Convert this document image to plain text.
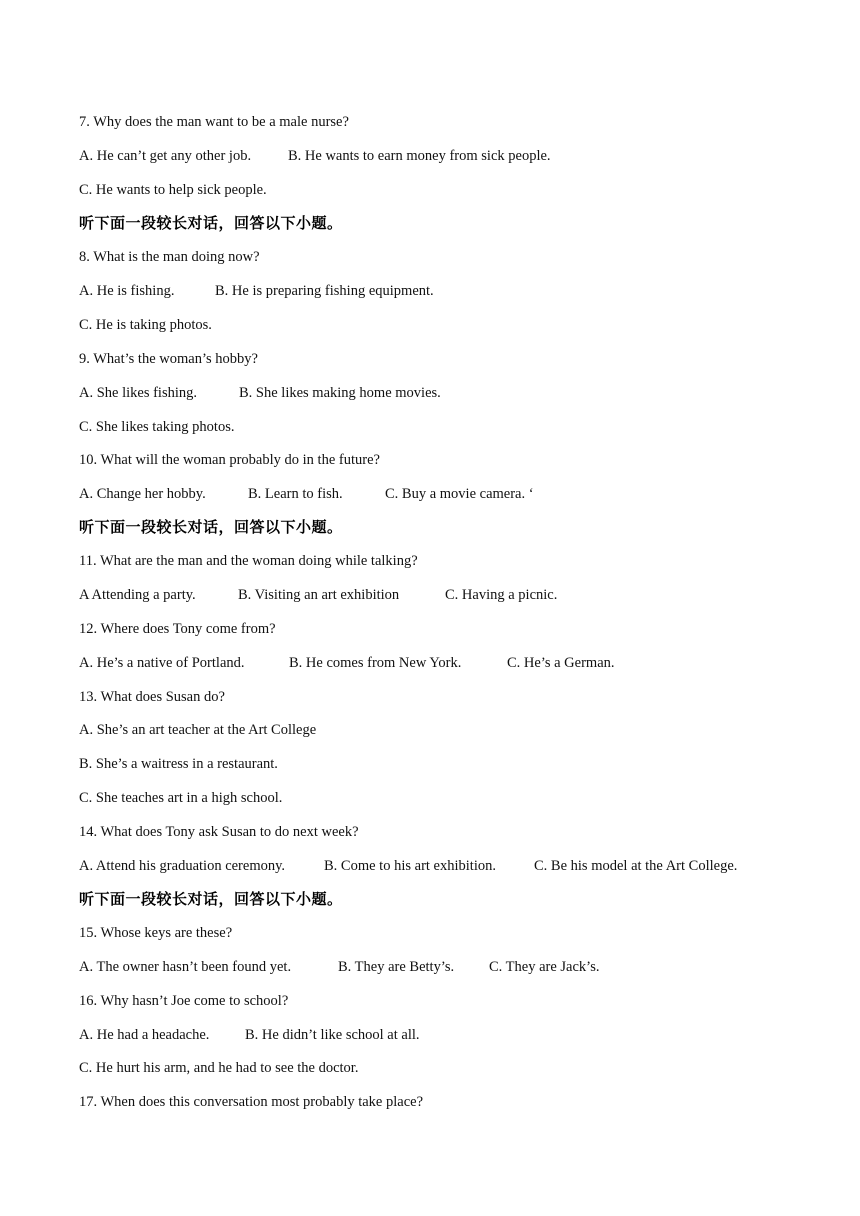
7. Why does the man want to be a male nurse?
A. He can’t get any other job.	B. He wants to earn money from sick people.
C. He wants to help sick people.
听下面一段较长对话，回答以下小题。
8. What is the man doing now?
A. He is fishing.	B. He is preparing fishing equipment.
C. He is taking photos.
9. What’s the woman’s hobby?
A. She likes fishing.	B. She likes making home movies.
C. She likes taking photos.
10. What will the woman probably do in the future?
A. Change her hobby.	B. Learn to fish.	C. Buy a movie camera. ‘
听下面一段较长对话，回答以下小题。
11. What are the man and the woman doing while talking?
A Attending a party.	B. Visiting an art exhibition	C. Having a picnic.
12. Where does Tony come from?
A. He’s a native of Portland.	B. He comes from New York.	C. He’s a German.
13. What does Susan do?
A. She’s an art teacher at the Art College
B. She’s a waitress in a restaurant.
C. She teaches art in a high school.
14. What does Tony ask Susan to do next week?
A. Attend his graduation ceremony.	B. Come to his art exhibition.	C. Be his model at the Art College.
听下面一段较长对话，回答以下小题。
15. Whose keys are these?
A. The owner hasn’t been found yet.	B. They are Betty’s. C. They are Jack’s.
16. Why hasn’t Joe come to school?
A. He had a headache. B. He didn’t like school at all.
C. He hurt his arm, and he had to see the doctor.
17. When does this conversation most probably take place?
